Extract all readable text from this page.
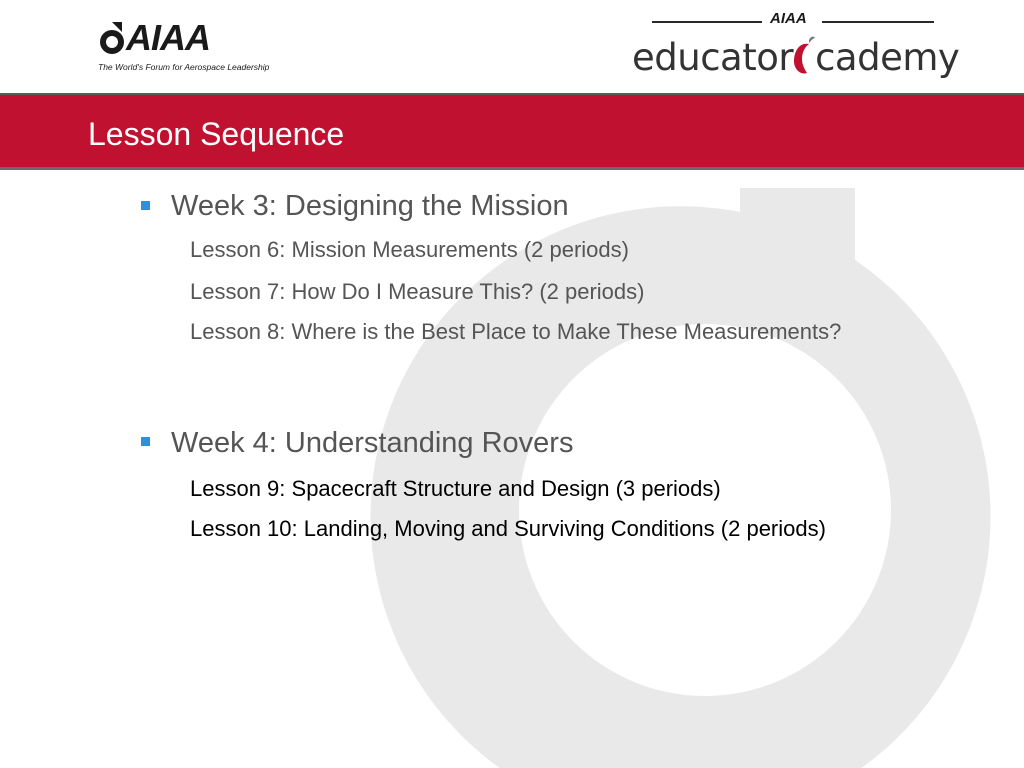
AIAA
The World's Forum for Aerospace Leadership
AIAA
educator cademy
Lesson Sequence
Week 3: Designing the Mission
Lesson 6: Mission Measurements (2 periods)
Lesson 7: How Do I Measure This? (2 periods)
Lesson 8: Where is the Best Place to Make These Measurements?
Week 4: Understanding Rovers
Lesson 9: Spacecraft Structure and Design (3 periods)
Lesson 10: Landing, Moving and Surviving Conditions (2 periods)
